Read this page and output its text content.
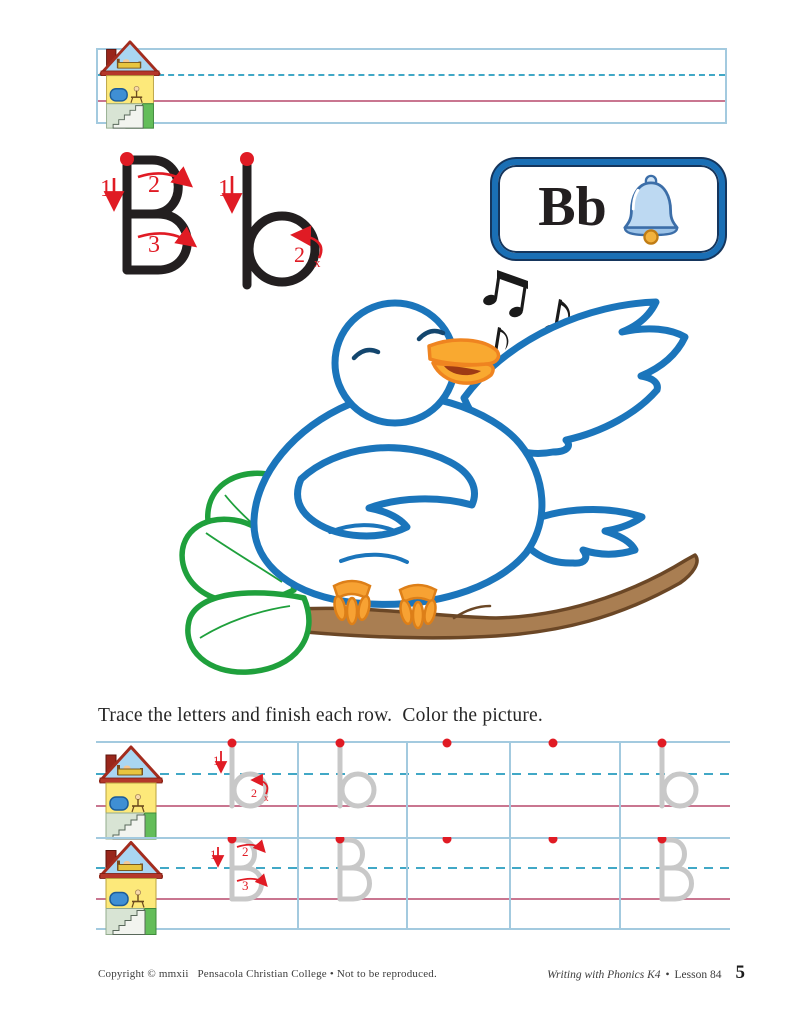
1 2
3
1
2 x
Bb
Trace the letters and finish each row.  Color the picture.
1
2 x
1 2
3
Copyright © mmxii   Pensacola Christian College • Not to be reproduced.	Writing with Phonics K4 • Lesson 84 5
